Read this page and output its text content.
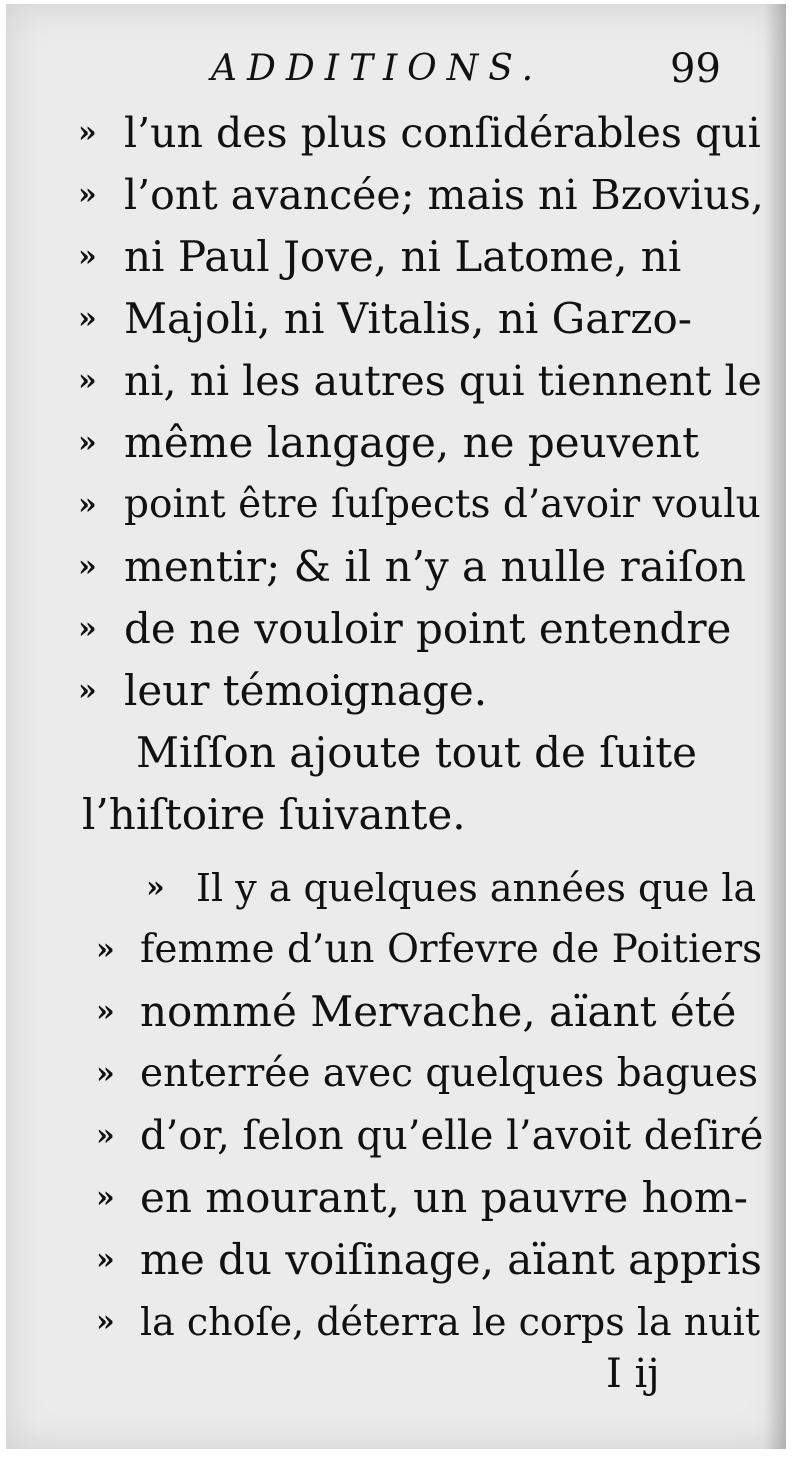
ADDITIONS.	99
» l’un des plus conſidérables qui
» l’ont avancée; mais ni Bzovius,
» ni Paul Jove, ni Latome, ni
» Majoli, ni Vitalis, ni Garzo-
» ni, ni les autres qui tiennent le
» même langage, ne peuvent
» point être ſuſpects d’avoir voulu
» mentir; & il n’y a nulle raiſon
» de ne vouloir point entendre
» leur témoignage.
Miſſon ajoute tout de ſuite
l’hiſtoire ſuivante.
» Il y a quelques années que la
» femme d’un Orfevre de Poitiers
» nommé Mervache, aïant été
» enterrée avec quelques bagues
» d’or, ſelon qu’elle l’avoit deſiré
» en mourant, un pauvre hom-
» me du voiſinage, aïant appris
» la choſe, déterra le corps la nuit
I ij
